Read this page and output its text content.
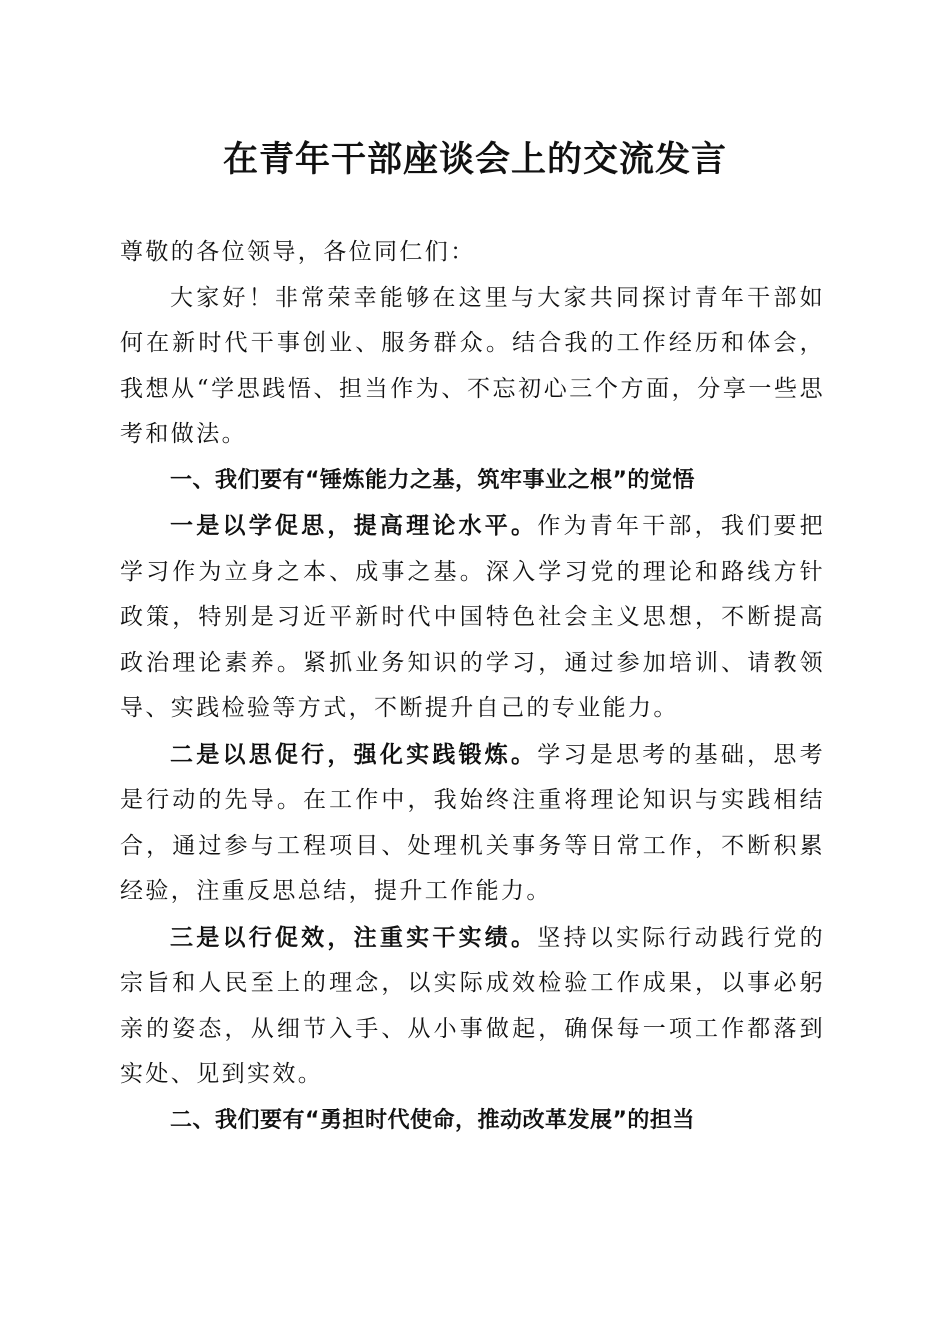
在青年干部座谈会上的交流发言

尊敬的各位领导，各位同仁们：

大家好！非常荣幸能够在这里与大家共同探讨青年干部如何在新时代干事创业、服务群众。结合我的工作经历和体会，我想从“学思践悟、担当作为、不忘初心三个方面，分享一些思考和做法。

一、我们要有“锤炼能力之基，筑牢事业之根”的觉悟

一是以学促思，提高理论水平。作为青年干部，我们要把学习作为立身之本、成事之基。深入学习党的理论和路线方针政策，特别是习近平新时代中国特色社会主义思想，不断提高政治理论素养。紧抓业务知识的学习，通过参加培训、请教领导、实践检验等方式，不断提升自己的专业能力。

二是以思促行，强化实践锻炼。学习是思考的基础，思考是行动的先导。在工作中，我始终注重将理论知识与实践相结合，通过参与工程项目、处理机关事务等日常工作，不断积累经验，注重反思总结，提升工作能力。

三是以行促效，注重实干实绩。坚持以实际行动践行党的宗旨和人民至上的理念，以实际成效检验工作成果，以事必躬亲的姿态，从细节入手、从小事做起，确保每一项工作都落到实处、见到实效。

二、我们要有“勇担时代使命，推动改革发展”的担当
